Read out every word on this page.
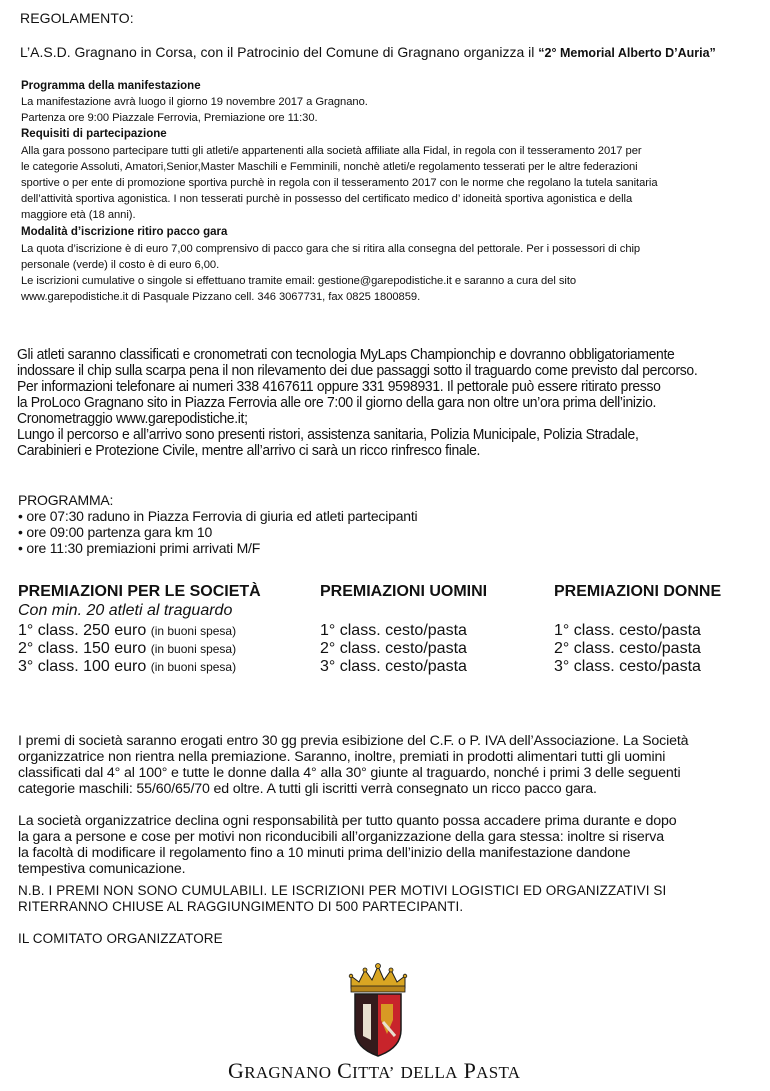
REGOLAMENTO:
L’A.S.D. Gragnano in Corsa, con il Patrocinio del Comune di Gragnano organizza il “2° Memorial Alberto D’Auria”
Programma della manifestazione
La manifestazione avrà luogo il giorno 19 novembre 2017 a Gragnano.
Partenza ore 9:00 Piazzale Ferrovia, Premiazione ore 11:30.
Requisiti di partecipazione
Alla gara possono partecipare tutti gli atleti/e appartenenti alla società affiliate alla Fidal, in regola con il tesseramento 2017 per
le categorie Assoluti, Amatori,Senior,Master Maschili e Femminili, nonchè atleti/e regolamento tesserati per le altre federazioni
sportive o per ente di promozione sportiva purchè in regola con il tesseramento 2017 con le norme che regolano la tutela sanitaria
dell’attività sportiva agonistica. I non tesserati purchè in possesso del certificato medico d’ idoneità sportiva agonistica e della
maggiore età (18 anni).
Modalità d’iscrizione ritiro pacco gara
La quota d’iscrizione è di euro 7,00 comprensivo di pacco gara che si ritira alla consegna del pettorale. Per i possessori di chip
personale (verde) il costo è di euro 6,00.
Le iscrizioni cumulative o singole si effettuano tramite email: gestione@garepodistiche.it e saranno a cura del sito
www.garepodistiche.it di Pasquale Pizzano cell. 346 3067731, fax 0825 1800859.
Gli atleti saranno classificati e cronometrati con tecnologia MyLaps Championchip e dovranno obbligatoriamente
indossare il chip sulla scarpa pena il non rilevamento dei due passaggi sotto il traguardo come previsto dal percorso.
Per informazioni telefonare ai numeri 338 4167611 oppure 331 9598931. Il pettorale può essere ritirato presso
la ProLoco Gragnano sito in Piazza Ferrovia alle ore 7:00 il giorno della gara non oltre un’ora prima dell’inizio.
Cronometraggio www.garepodistiche.it;
Lungo il percorso e all’arrivo sono presenti ristori, assistenza sanitaria, Polizia Municipale, Polizia Stradale,
Carabinieri e Protezione Civile, mentre all’arrivo ci sarà un ricco rinfresco finale.
PROGRAMMA:
• ore 07:30 raduno in Piazza Ferrovia di giuria ed atleti partecipanti
• ore 09:00 partenza gara km 10
• ore 11:30 premiazioni primi arrivati M/F
PREMIAZIONI PER LE SOCIETÀ
Con min. 20 atleti al traguardo
1° class. 250 euro (in buoni spesa)
2° class. 150 euro (in buoni spesa)
3° class. 100 euro (in buoni spesa)
PREMIAZIONI UOMINI
1° class. cesto/pasta
2° class. cesto/pasta
3° class. cesto/pasta
PREMIAZIONI DONNE
1° class. cesto/pasta
2° class. cesto/pasta
3° class. cesto/pasta
I premi di società saranno erogati entro 30 gg previa esibizione del C.F. o P. IVA dell’Associazione. La Società
organizzatrice non rientra nella premiazione. Saranno, inoltre, premiati in prodotti alimentari tutti gli uomini
classificati dal 4° al 100° e tutte le donne dalla 4° alla 30° giunte al traguardo, nonché i primi 3 delle seguenti
categorie maschili: 55/60/65/70 ed oltre. A tutti gli iscritti verrà consegnato un ricco pacco gara.
La società organizzatrice declina ogni responsabilità per tutto quanto possa accadere prima durante e dopo
la gara a persone e cose per motivi non riconducibili all’organizzazione della gara stessa: inoltre si riserva
la facoltà di modificare il regolamento fino a 10 minuti prima dell’inizio della manifestazione dandone
tempestiva comunicazione.
N.B. I PREMI NON SONO CUMULABILI. LE ISCRIZIONI PER MOTIVI LOGISTICI ED ORGANIZZATIVI SI
RITERRANNO CHIUSE AL RAGGIUNGIMENTO DI 500 PARTECIPANTI.
IL COMITATO ORGANIZZATORE
GRAGNANO CITTA’ DELLA PASTA
